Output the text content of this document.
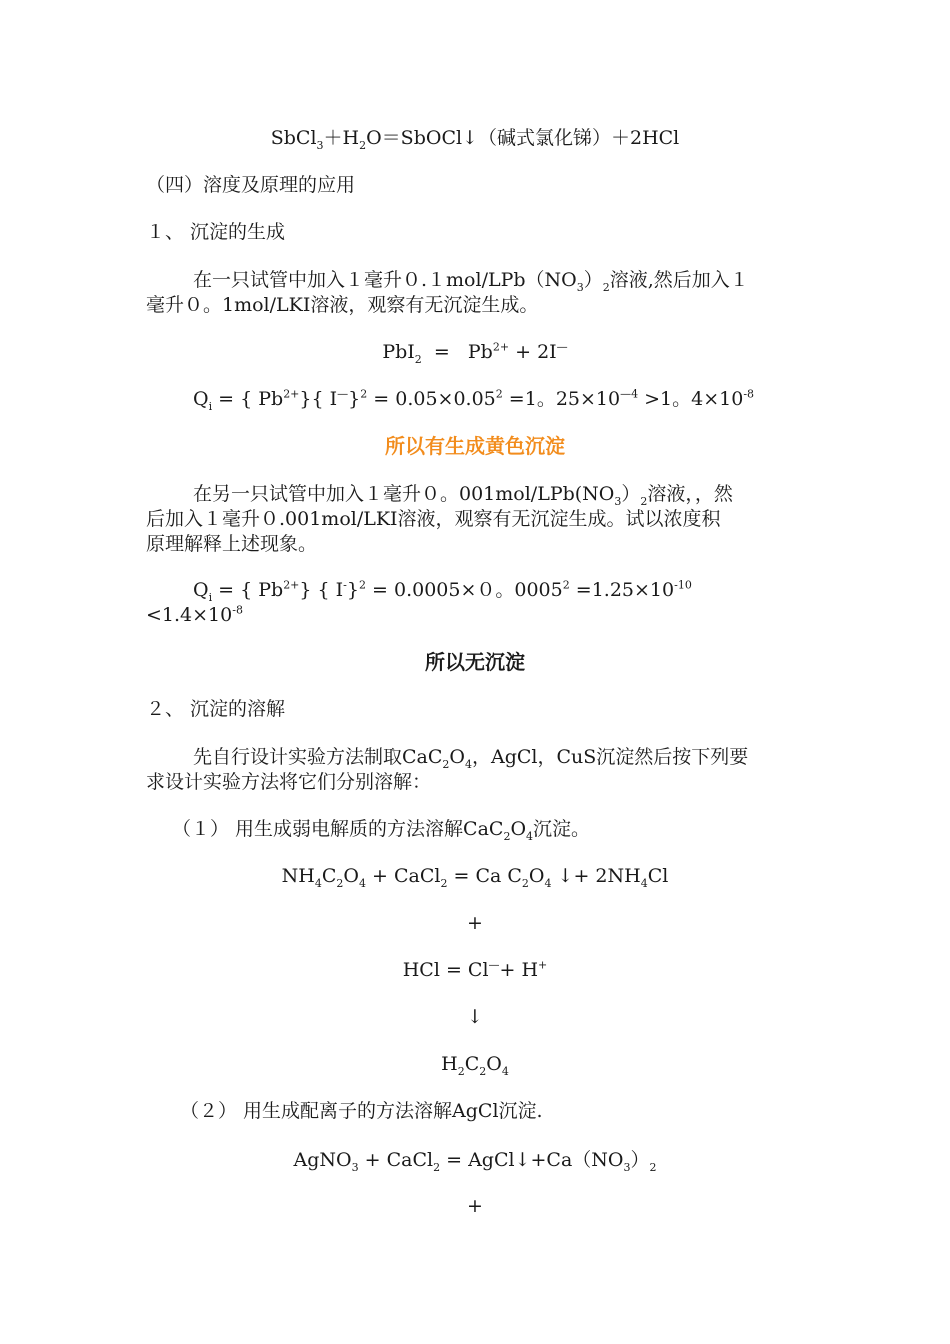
$SbCl_3+H_2O=SbOCl↓$（碱式氯化锑）＋2HCl
（四）溶度及原理的应用
１、 沉淀的生成
在一只试管中加入１毫升$0.1mol/LPb(NO_3)_2$溶液,然后加入１
毫升０。1mol/LKI溶液，观察有无沉淀生成。
$PbI_2 = Pb^{2+} + 2I^—$
$Q_i$ = { $Pb^{2+}$}{ $I^—\}^2 = 0.05\times 0.05^2 =1$。$25\times 10^{—4} >1$。$4\times 10^{-8}$
所以有生成黄色沉淀
在另一只试管中加入１毫升０。$001mol/LPb(NO_3)_2$溶液，，然
后加入１毫升０.001mol/LKI溶液，观察有无沉淀生成。试以浓度积
原理解释上述现象。
$Q_i$ = { $Pb^{2+}$} { I-}$^2$ = 0.0005×０。$0005^2 =1.25\times 10^{-10}$
$<1.4\times 10^{-8}$
所以无沉淀
２、 沉淀的溶解
先自行设计实验方法制取$CaC_2O_4$，AgCl，CuS沉淀然后按下列要
求设计实验方法将它们分别溶解：
（１） 用生成弱电解质的方法溶解$CaC_2O_4$沉淀。
$NH_4C_2O_4$ + CaCl$_2$ = Ca $C_2O_4$ ↓+ $2NH_4Cl$
+
HCl = Cl—+ H+
↓
$H_2C_2O_4$
（２） 用生成配离子的方法溶解AgCl沉淀.
AgNO$_3$ + CaCl$_2$ = $AgCl↓+Ca(NO_3)_2$
+
